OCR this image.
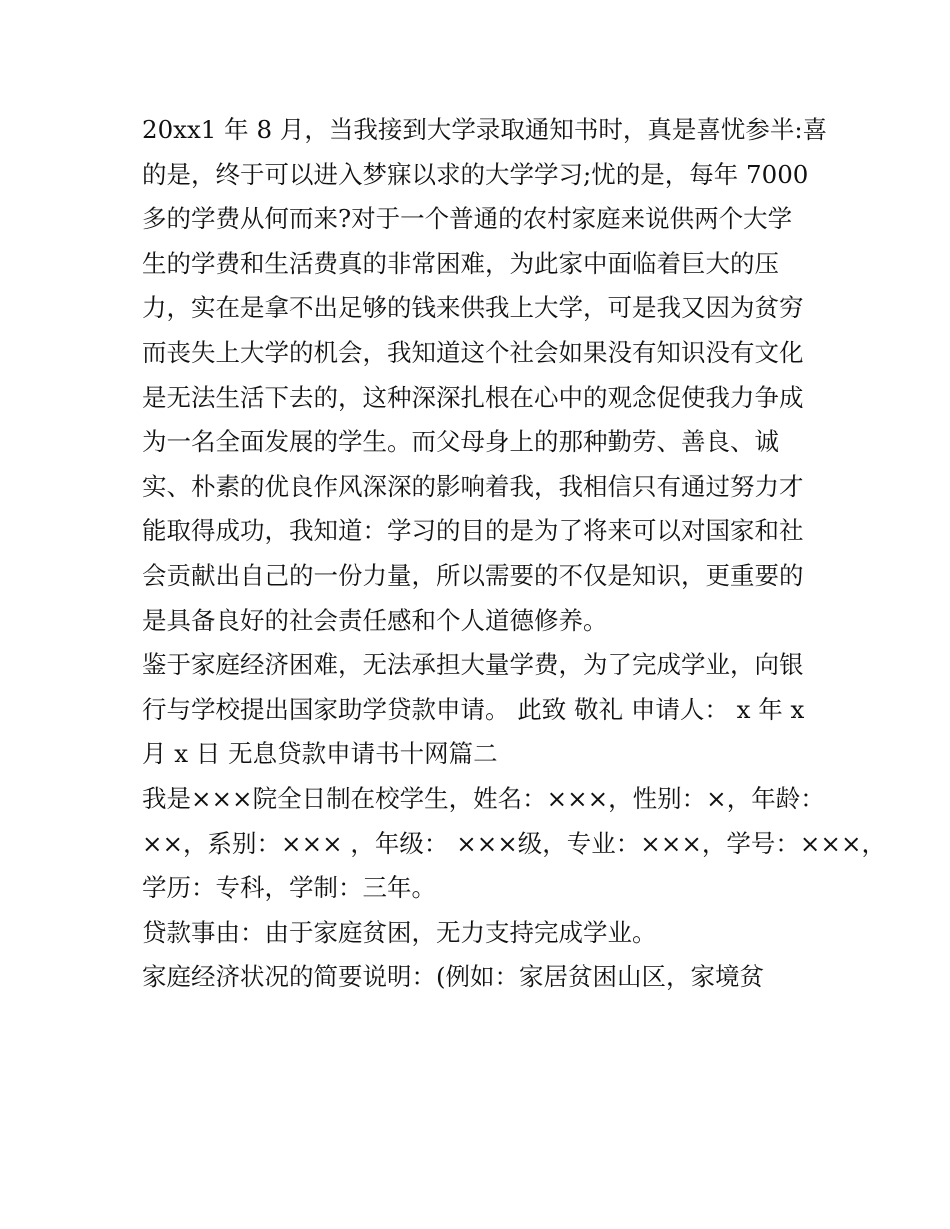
20xx1 年 8 月，当我接到大学录取通知书时，真是喜忧参半:喜
的是，终于可以进入梦寐以求的大学学习;忧的是，每年 7000
多的学费从何而来?对于一个普通的农村家庭来说供两个大学
生的学费和生活费真的非常困难，为此家中面临着巨大的压
力，实在是拿不出足够的钱来供我上大学，可是我又因为贫穷
而丧失上大学的机会，我知道这个社会如果没有知识没有文化
是无法生活下去的，这种深深扎根在心中的观念促使我力争成
为一名全面发展的学生。而父母身上的那种勤劳、善良、诚
实、朴素的优良作风深深的影响着我，我相信只有通过努力才
能取得成功，我知道：学习的目的是为了将来可以对国家和社
会贡献出自己的一份力量，所以需要的不仅是知识，更重要的
是具备良好的社会责任感和个人道德修养。
鉴于家庭经济困难，无法承担大量学费，为了完成学业，向银
行与学校提出国家助学贷款申请。 此致 敬礼 申请人： x 年 x
月 x 日 无息贷款申请书十网篇二
我是×××院全日制在校学生，姓名：×××，性别：×，年龄：
××，系别：××× ，年级： ×××级，专业：×××，学号：×××，
学历：专科，学制：三年。
贷款事由：由于家庭贫困，无力支持完成学业。
家庭经济状况的简要说明：(例如：家居贫困山区，家境贫
